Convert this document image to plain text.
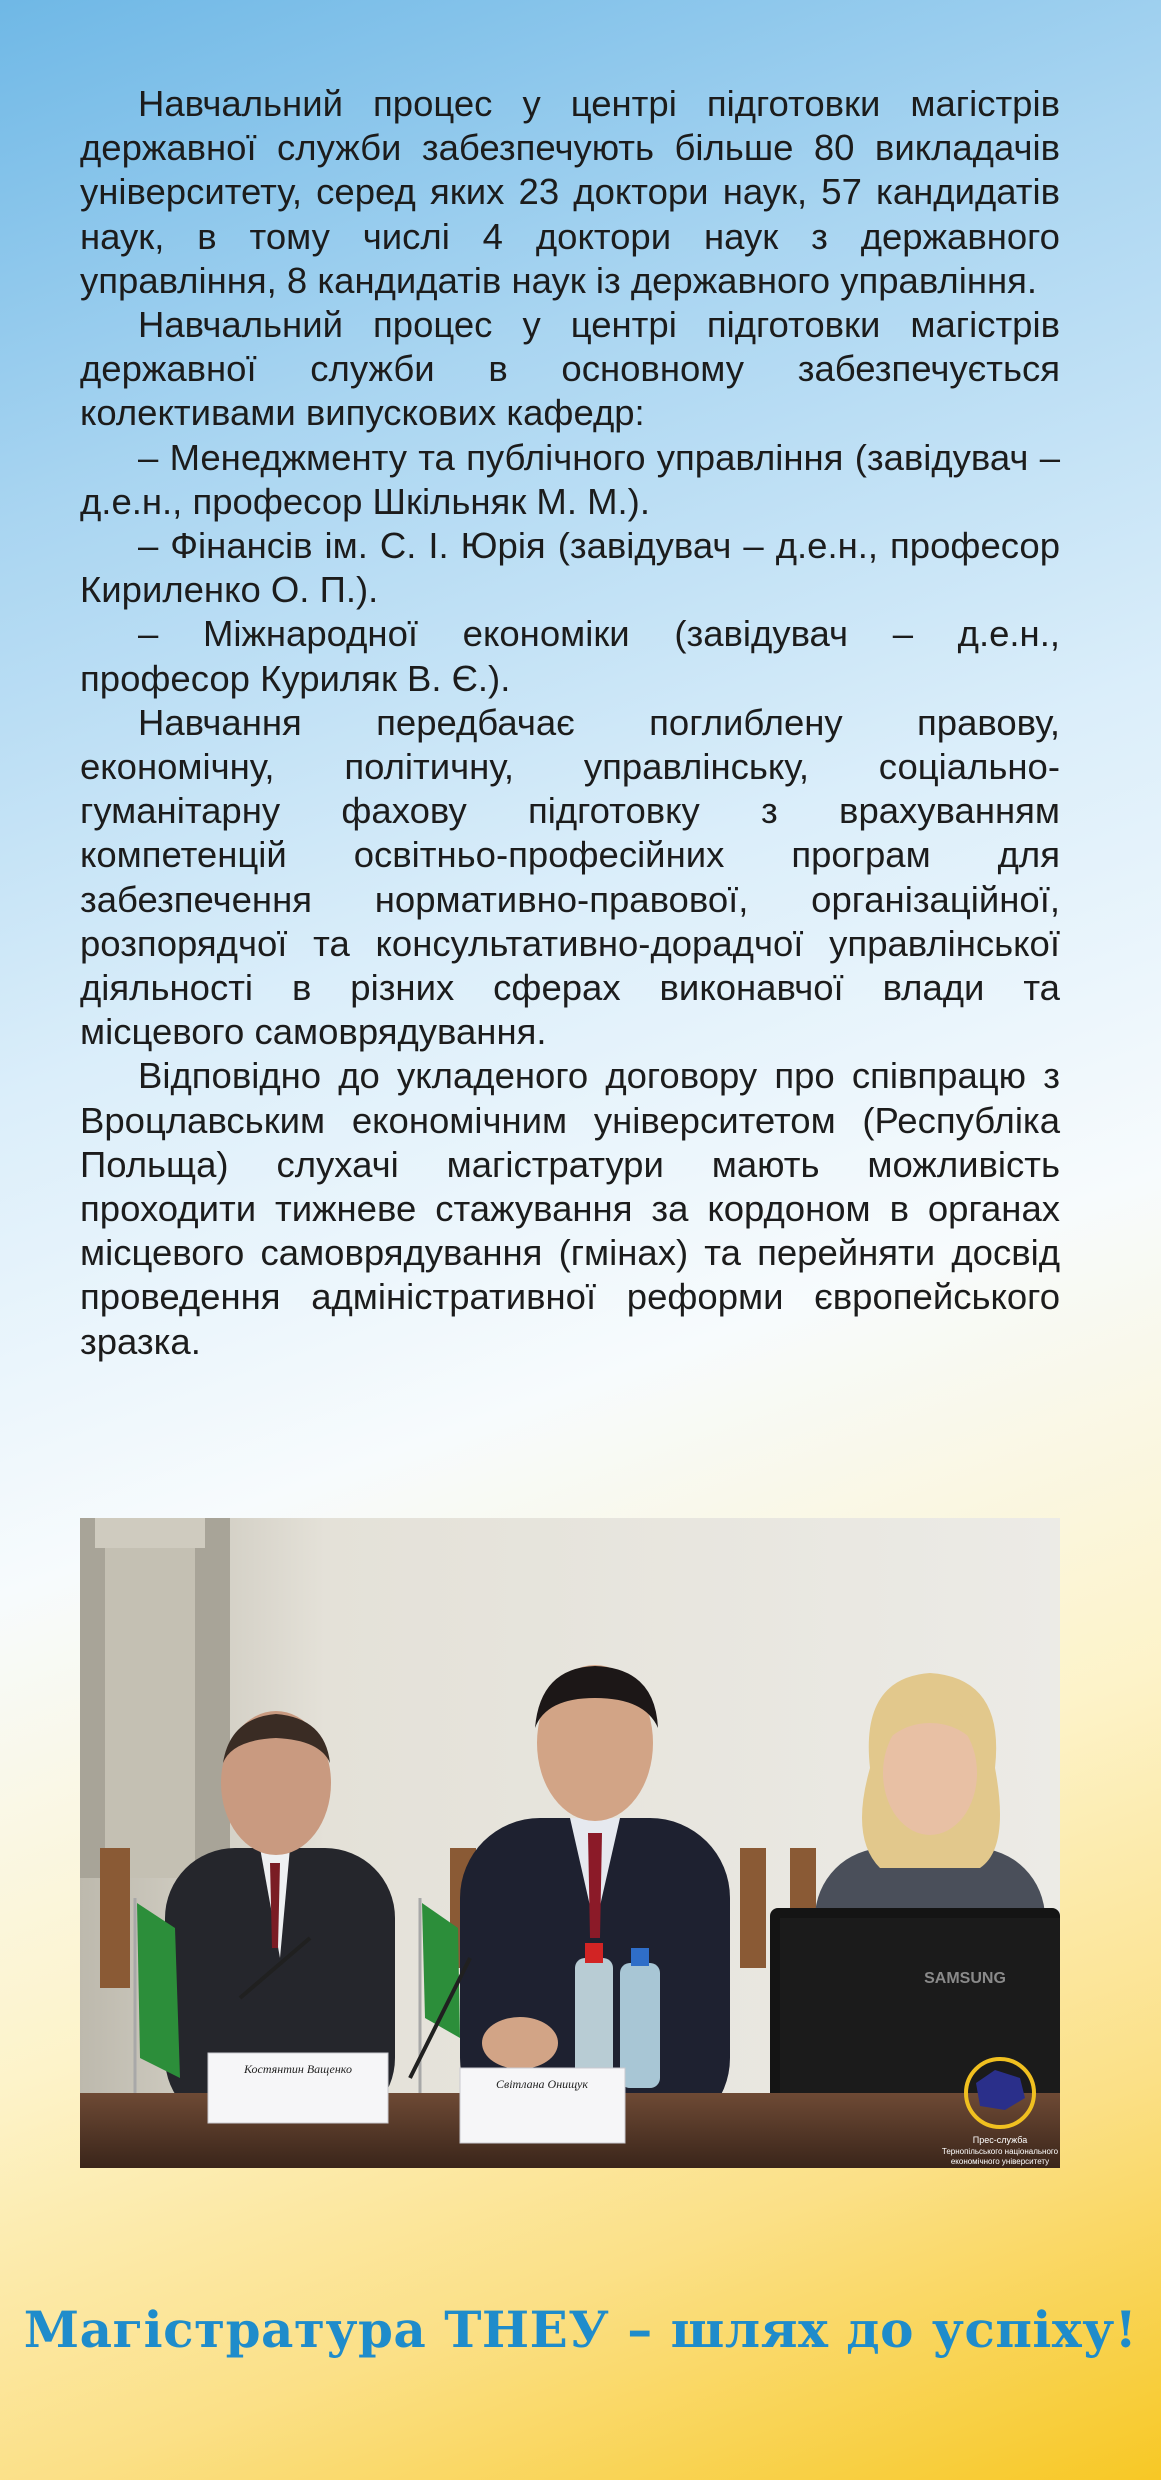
Навчальний процес у центрі підготовки магістрів державної служби забезпечують більше 80 викладачів університету, серед яких 23 доктори наук, 57 кандидатів наук, в тому числі 4 доктори наук з державного управління, 8 кандидатів наук із державного управління.

Навчальний процес у центрі підготовки магістрів державної служби в основному забезпечується колективами випускових кафедр:

– Менеджменту та публічного управління (завідувач – д.е.н., професор Шкільняк М. М.).

– Фінансів ім. С. І. Юрія (завідувач – д.е.н., професор Кириленко О. П.).

– Міжнародної економіки (завідувач – д.е.н., професор Куриляк В. Є.).

Навчання передбачає поглиблену правову, економічну, політичну, управлінську, соціально-гуманітарну фахову підготовку з врахуванням компетенцій освітньо-професійних програм для забезпечення нормативно-правової, організаційної, розпорядчої та консультативно-дорадчої управлінської діяльності в різних сферах виконавчої влади та місцевого самоврядування.

Відповідно до укладеного договору про співпрацю з Вроцлавським економічним університетом (Республіка Польща) слухачі магістратури мають можливість проходити тижневе стажування за кордоном в органах місцевого самоврядування (гмінах) та перейняти досвід проведення адміністративної реформи європейського зразка.

SAMSUNG
Костянтин Ващенко
Світлана Онищук
Прес-служба
Тернопільського національного
економічного університету
Магістратура ТНЕУ – шлях до успіху!
